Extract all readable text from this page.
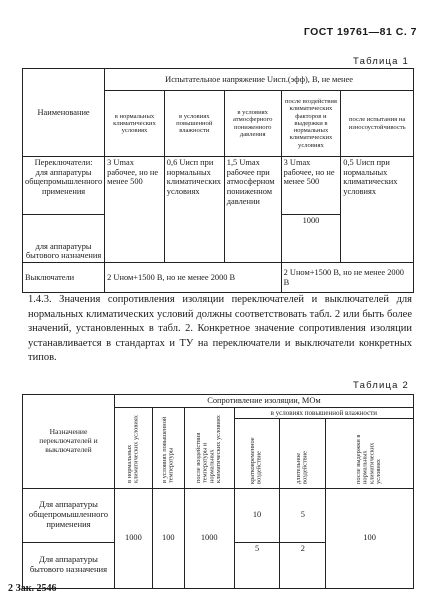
ГОСТ 19761—81 С. 7
Таблица 1
Наименование	Испытательное напряжение Uисп.(эфф), В, не менее				
	в нормальных климатических условиях	в условиях повышенной влажности	в условиях атмосферного пониженного давления	после воздействия климатических факторов и выдержки в нормальных климатических условиях	после испытания на износоустойчивость

Переключатели:
для аппаратуры общепромышленного применения	3 Umax рабочее, но не менее 500	0,6 Uисп при нормальных климатических условиях	1,5 Umax рабочее при атмосферном пониженном давлении	3 Umax рабочее, но не менее 500	0,5 Uисп при нормальных климатических условиях
для аппаратуры бытового назначения				1000	
Выключатели	2 Uном+1500 В, но не менее 2000 В			2 Uном+1500 В, но не менее 2000 В	
1.4.3. Значения сопротивления изоляции переключателей и выключателей для нормальных климатических условий должны соответствовать табл. 2 или быть более значений, установленных в табл. 2. Конкретное значение сопротивления изоляции устанавливается в стандартах и ТУ на переключатели и выключатели конкретных типов.
Таблица 2
Назначение переключателей и выключателей	Сопротивление изоляции, МОм					

	в нормальных климатических условиях	в условиях повышенной температуры	после воздействия температуры и нормальных климатических условиях	в условиях повышенной влажности		

				кратковременное воздействие	длительное воздействие	после выдержки в нормальных климатических условиях

Для аппаратуры общепромышленного применения	1000	100	1000	10	5	100
Для аппаратуры бытового назначения				5	2	
2 Зак. 2546
